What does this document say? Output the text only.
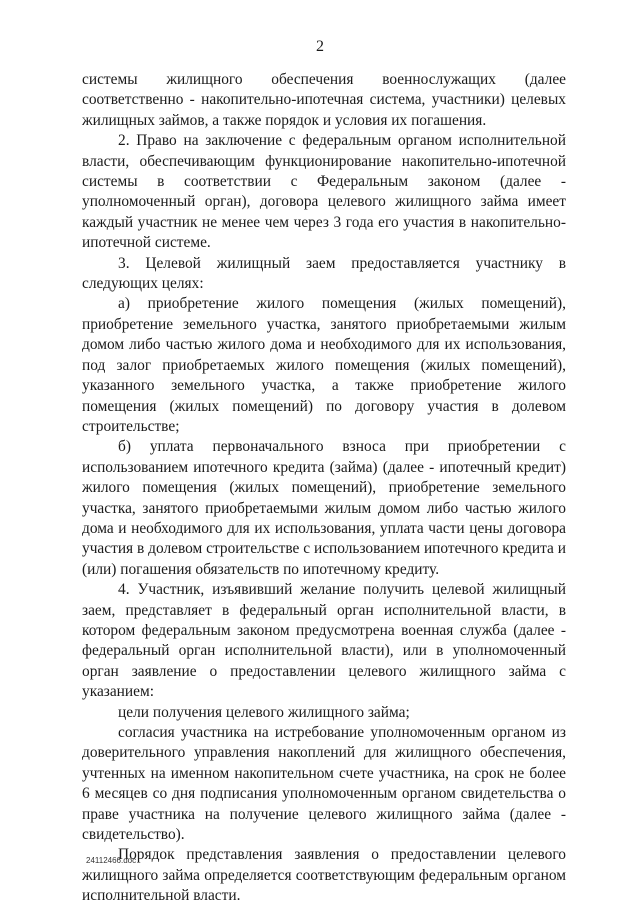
2

системы жилищного обеспечения военнослужащих (далее соответственно - накопительно-ипотечная система, участники) целевых жилищных займов, а также порядок и условия их погашения.

2. Право на заключение с федеральным органом исполнительной власти, обеспечивающим функционирование накопительно-ипотечной системы в соответствии с Федеральным законом (далее - уполномоченный орган), договора целевого жилищного займа имеет каждый участник не менее чем через 3 года его участия в накопительно-ипотечной системе.

3. Целевой жилищный заем предоставляется участнику в следующих целях:

а) приобретение жилого помещения (жилых помещений), приобретение земельного участка, занятого приобретаемыми жилым домом либо частью жилого дома и необходимого для их использования, под залог приобретаемых жилого помещения (жилых помещений), указанного земельного участка, а также приобретение жилого помещения (жилых помещений) по договору участия в долевом строительстве;

б) уплата первоначального взноса при приобретении с использованием ипотечного кредита (займа) (далее - ипотечный кредит) жилого помещения (жилых помещений), приобретение земельного участка, занятого приобретаемыми жилым домом либо частью жилого дома и необходимого для их использования, уплата части цены договора участия в долевом строительстве с использованием ипотечного кредита и (или) погашения обязательств по ипотечному кредиту.

4. Участник, изъявивший желание получить целевой жилищный заем, представляет в федеральный орган исполнительной власти, в котором федеральным законом предусмотрена военная служба (далее - федеральный орган исполнительной власти), или в уполномоченный орган заявление о предоставлении целевого жилищного займа с указанием:

цели получения целевого жилищного займа;

согласия участника на истребование уполномоченным органом из доверительного управления накоплений для жилищного обеспечения, учтенных на именном накопительном счете участника, на срок не более 6 месяцев со дня подписания уполномоченным органом свидетельства о праве участника на получение целевого жилищного займа (далее - свидетельство).

Порядок представления заявления о предоставлении целевого жилищного займа определяется соответствующим федеральным органом исполнительной власти.

24112466.doc
